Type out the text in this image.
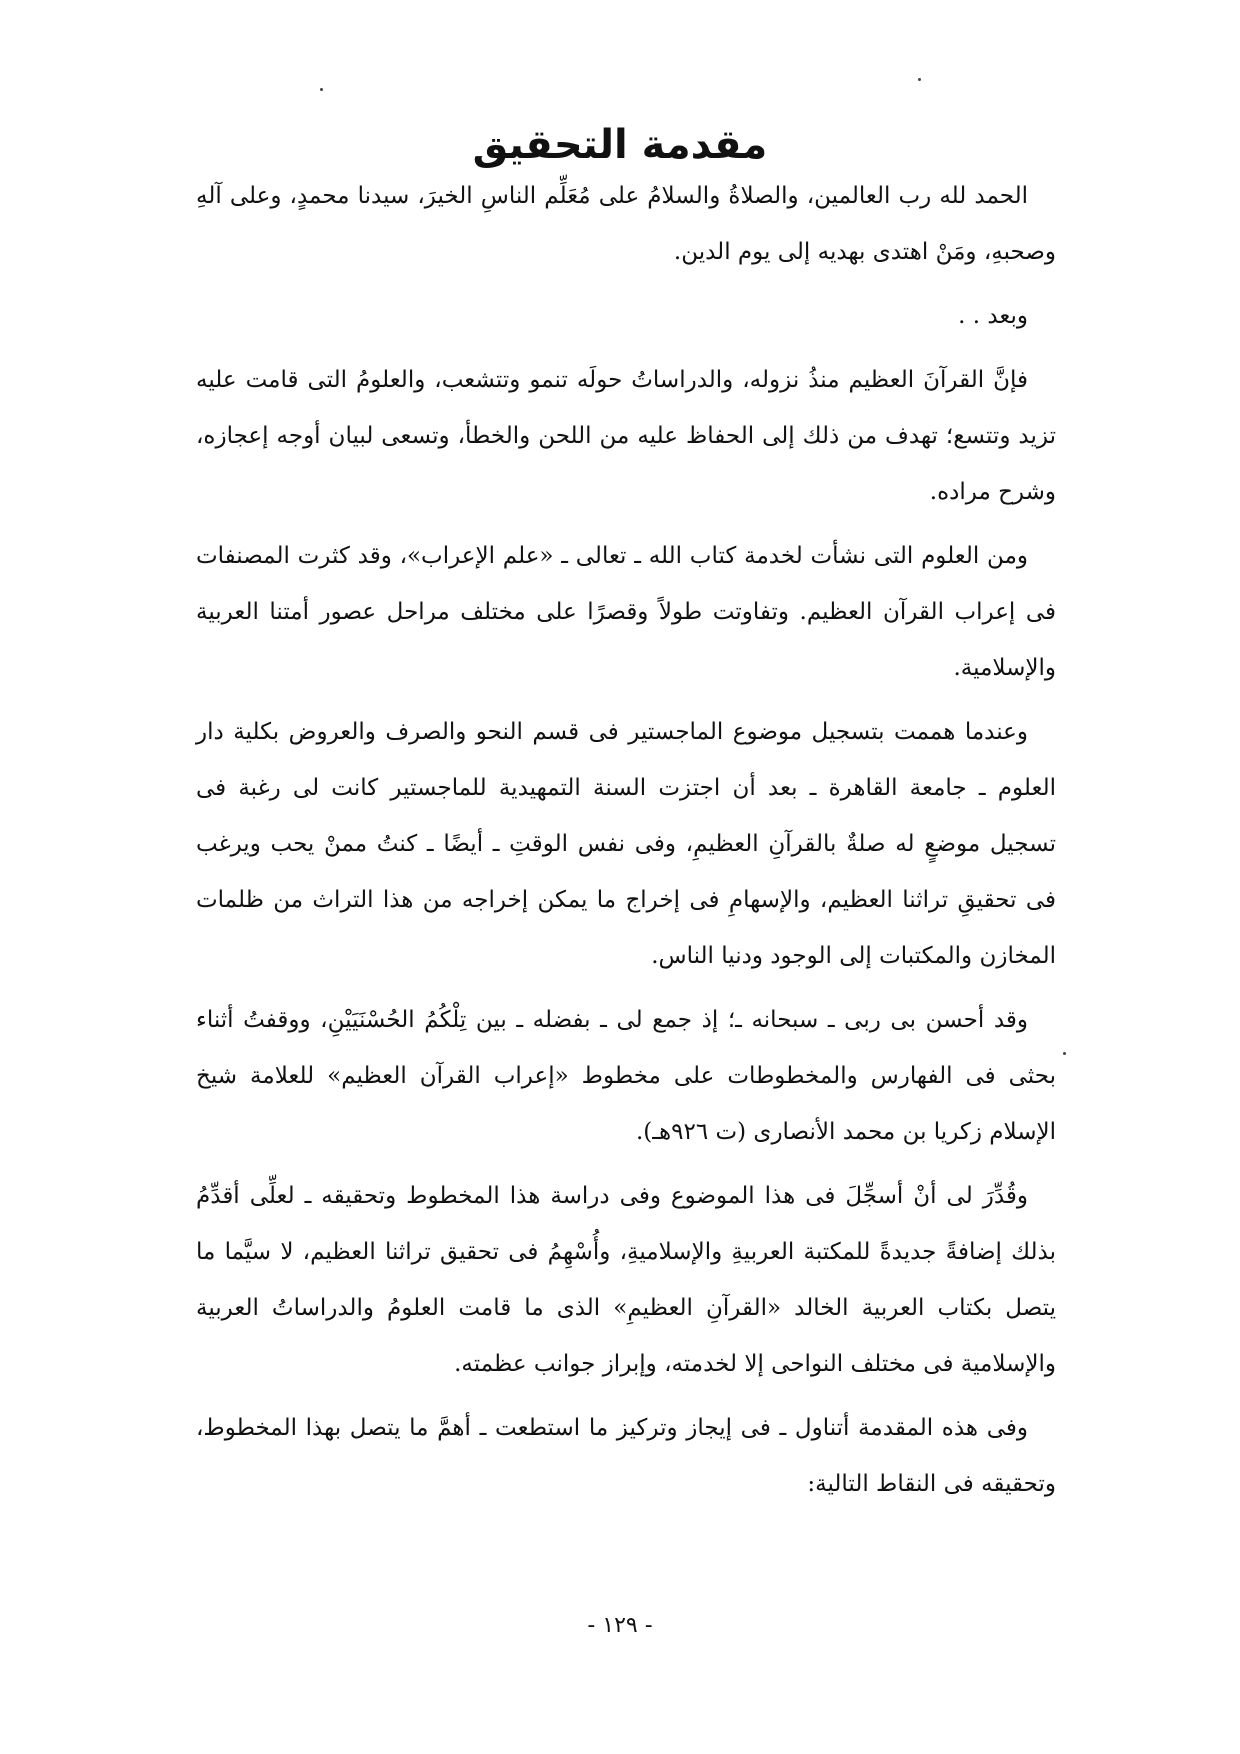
مقدمة التحقيق

الحمد لله رب العالمين، والصلاةُ والسلامُ على مُعَلِّم الناسِ الخيرَ، سيدنا محمدٍ، وعلى آلهِ وصحبهِ، ومَنْ اهتدى بهديه إلى يوم الدين.

وبعد . .

فإنَّ القرآنَ العظيم منذُ نزوله، والدراساتُ حولَه تنمو وتتشعب، والعلومُ التى قامت عليه تزيد وتتسع؛ تهدف من ذلك إلى الحفاظ عليه من اللحن والخطأ، وتسعى لبيان أوجه إعجازه، وشرح مراده.

ومن العلوم التى نشأت لخدمة كتاب الله ـ تعالى ـ «علم الإعراب»، وقد كثرت المصنفات فى إعراب القرآن العظيم. وتفاوتت طولاً وقصرًا على مختلف مراحل عصور أمتنا العربية والإسلامية.

وعندما هممت بتسجيل موضوع الماجستير فى قسم النحو والصرف والعروض بكلية دار العلوم ـ جامعة القاهرة ـ بعد أن اجتزت السنة التمهيدية للماجستير كانت لى رغبة فى تسجيل موضعٍ له صلةٌ بالقرآنِ العظيمِ، وفى نفس الوقتِ ـ أيضًا ـ كنتُ ممنْ يحب ويرغب فى تحقيقِ تراثنا العظيم، والإسهامِ فى إخراج ما يمكن إخراجه من هذا التراث من ظلمات المخازن والمكتبات إلى الوجود ودنيا الناس.

وقد أحسن بى ربى ـ سبحانه ـ؛ إذ جمع لى ـ بفضله ـ بين تِلْكُمُ الحُسْنَيَيْنِ، ووقفتُ أثناء بحثى فى الفهارس والمخطوطات على مخطوط «إعراب القرآن العظيم» للعلامة شيخ الإسلام زكريا بن محمد الأنصارى (ت ٩٢٦هـ).

وقُدِّرَ لى أنْ أسجِّلَ فى هذا الموضوع وفى دراسة هذا المخطوط وتحقيقه ـ لعلِّى أقدِّمُ بذلك إضافةً جديدةً للمكتبة العربيةِ والإسلاميةِ، وأُسْهِمُ فى تحقيق تراثنا العظيم، لا سيَّما ما يتصل بكتاب العربية الخالد «القرآنِ العظيمِ» الذى ما قامت العلومُ والدراساتُ العربية والإسلامية فى مختلف النواحى إلا لخدمته، وإبراز جوانب عظمته.

وفى هذه المقدمة أتناول ـ فى إيجاز وتركيز ما استطعت ـ أهمَّ ما يتصل بهذا المخطوط، وتحقيقه فى النقاط التالية:

- ١٢٩ -
